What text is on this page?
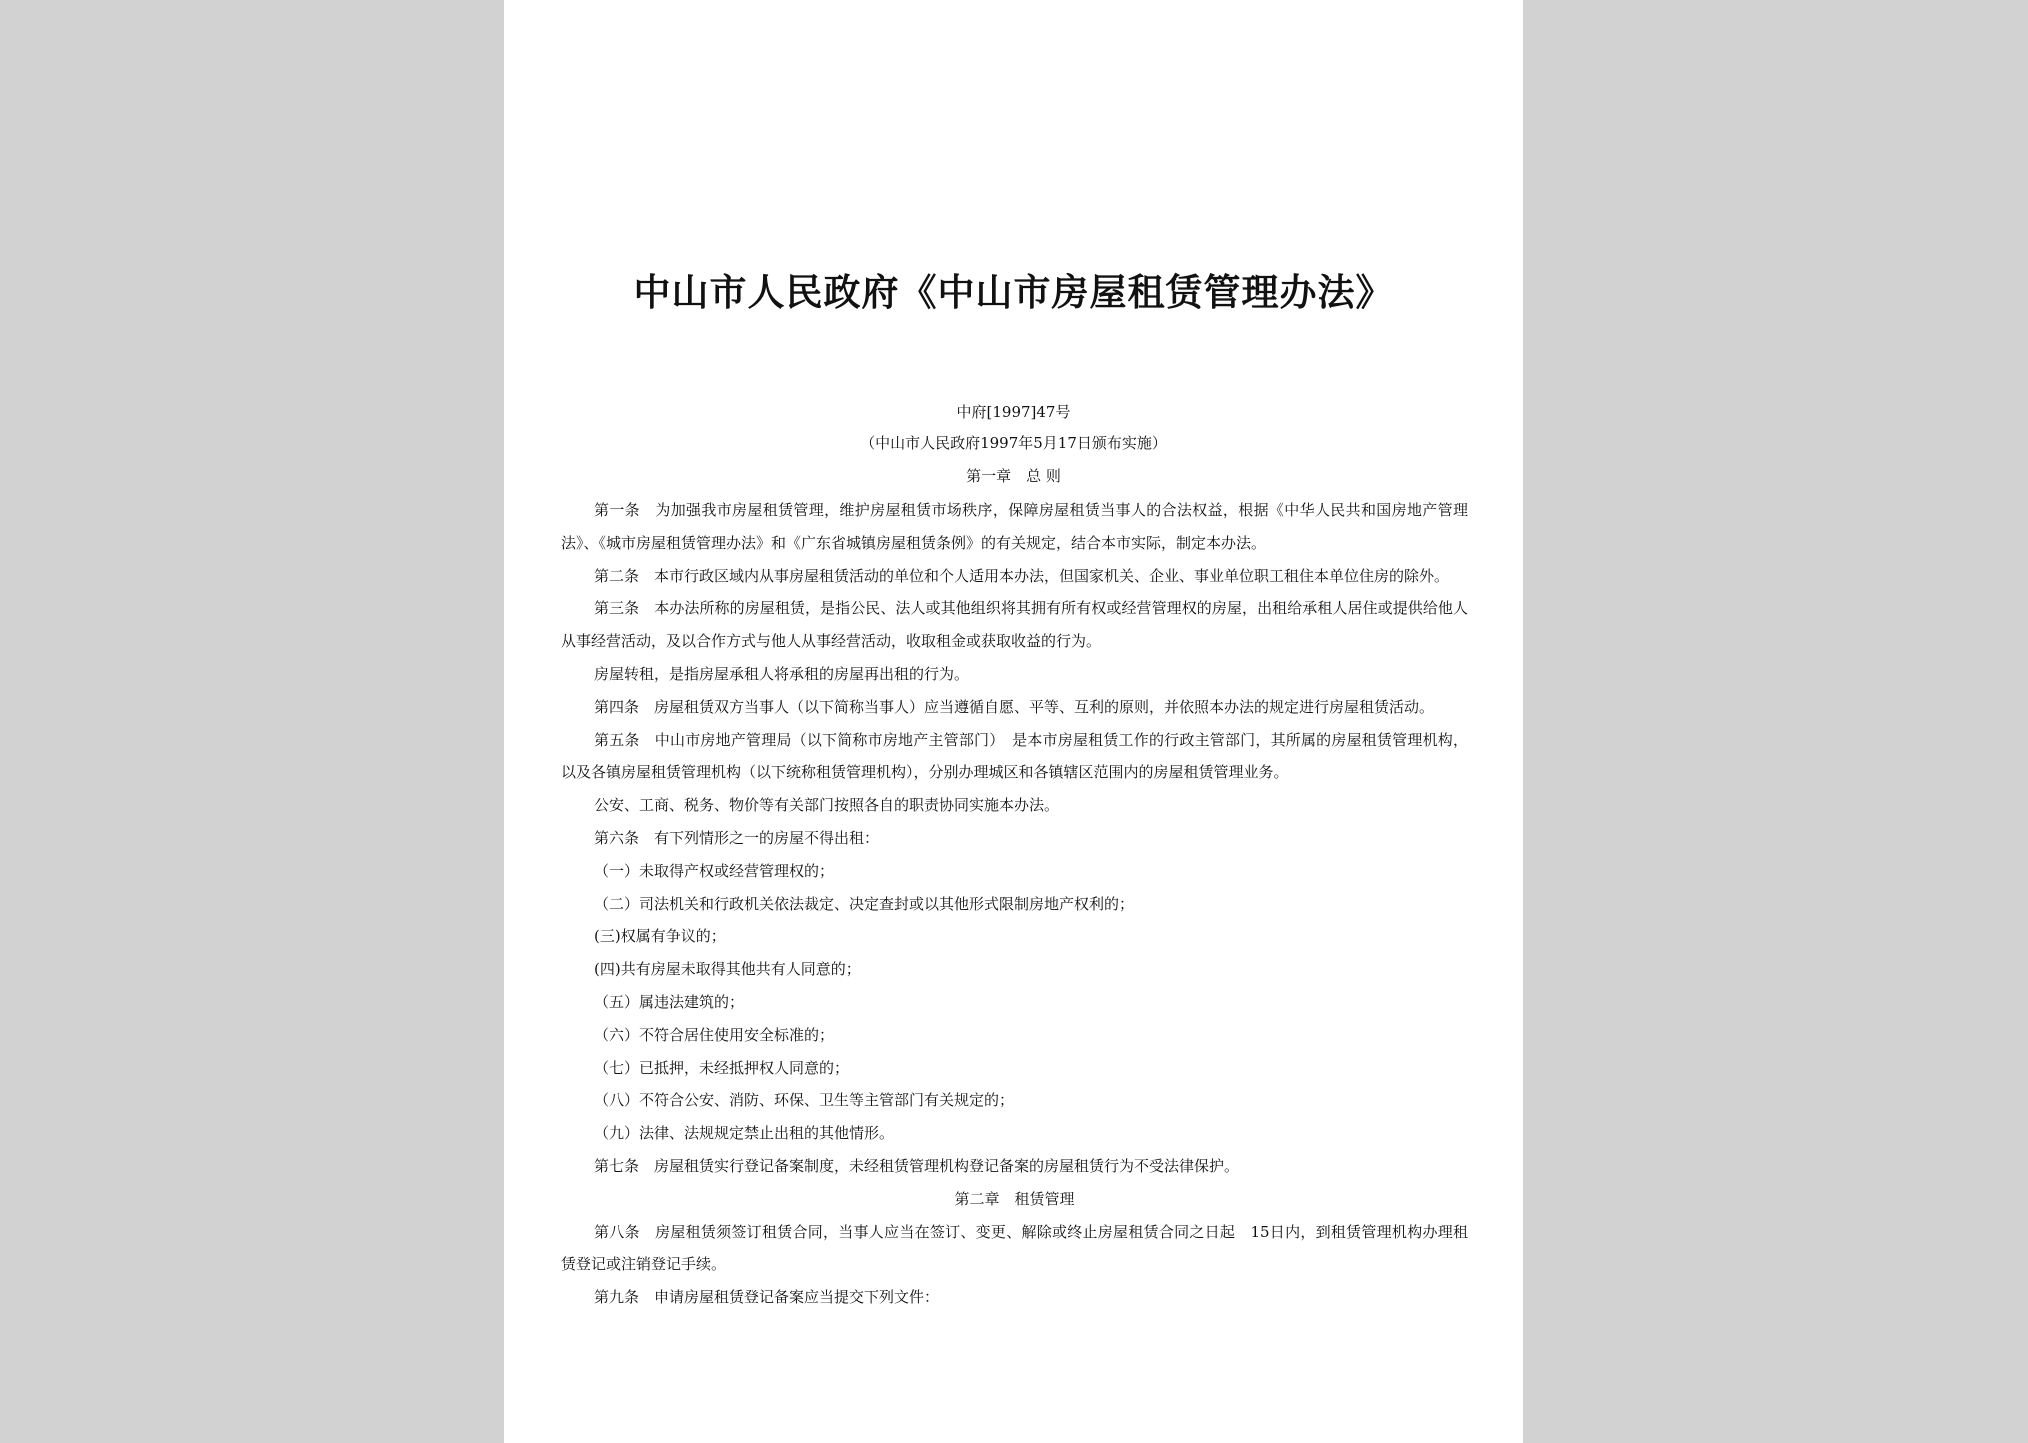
中山市人民政府《中山市房屋租赁管理办法》

中府[1997]47号

（中山市人民政府1997年5月17日颁布实施）

第一章　总 则

第一条　为加强我市房屋租赁管理，维护房屋租赁市场秩序，保障房屋租赁当事人的合法权益，根据《中华人民共和国房地产管理法》、《城市房屋租赁管理办法》和《广东省城镇房屋租赁条例》的有关规定，结合本市实际，制定本办法。

第二条　本市行政区域内从事房屋租赁活动的单位和个人适用本办法，但国家机关、企业、事业单位职工租住本单位住房的除外。

第三条　本办法所称的房屋租赁，是指公民、法人或其他组织将其拥有所有权或经营管理权的房屋，出租给承租人居住或提供给他人从事经营活动，及以合作方式与他人从事经营活动，收取租金或获取收益的行为。

房屋转租，是指房屋承租人将承租的房屋再出租的行为。

第四条　房屋租赁双方当事人（以下简称当事人）应当遵循自愿、平等、互利的原则，并依照本办法的规定进行房屋租赁活动。

第五条　中山市房地产管理局（以下简称市房地产主管部门）　是本市房屋租赁工作的行政主管部门，其所属的房屋租赁管理机构，以及各镇房屋租赁管理机构（以下统称租赁管理机构），分别办理城区和各镇辖区范围内的房屋租赁管理业务。

公安、工商、税务、物价等有关部门按照各自的职责协同实施本办法。

第六条　有下列情形之一的房屋不得出租：

（一）未取得产权或经营管理权的；

（二）司法机关和行政机关依法裁定、决定查封或以其他形式限制房地产权利的；

(三)权属有争议的；

(四)共有房屋未取得其他共有人同意的；

（五）属违法建筑的；

（六）不符合居住使用安全标准的；

（七）已抵押，未经抵押权人同意的；

（八）不符合公安、消防、环保、卫生等主管部门有关规定的；

（九）法律、法规规定禁止出租的其他情形。

第七条　房屋租赁实行登记备案制度，未经租赁管理机构登记备案的房屋租赁行为不受法律保护。

第二章　租赁管理

第八条　房屋租赁须签订租赁合同，当事人应当在签订、变更、解除或终止房屋租赁合同之日起　15日内，到租赁管理机构办理租赁登记或注销登记手续。

第九条　申请房屋租赁登记备案应当提交下列文件：
